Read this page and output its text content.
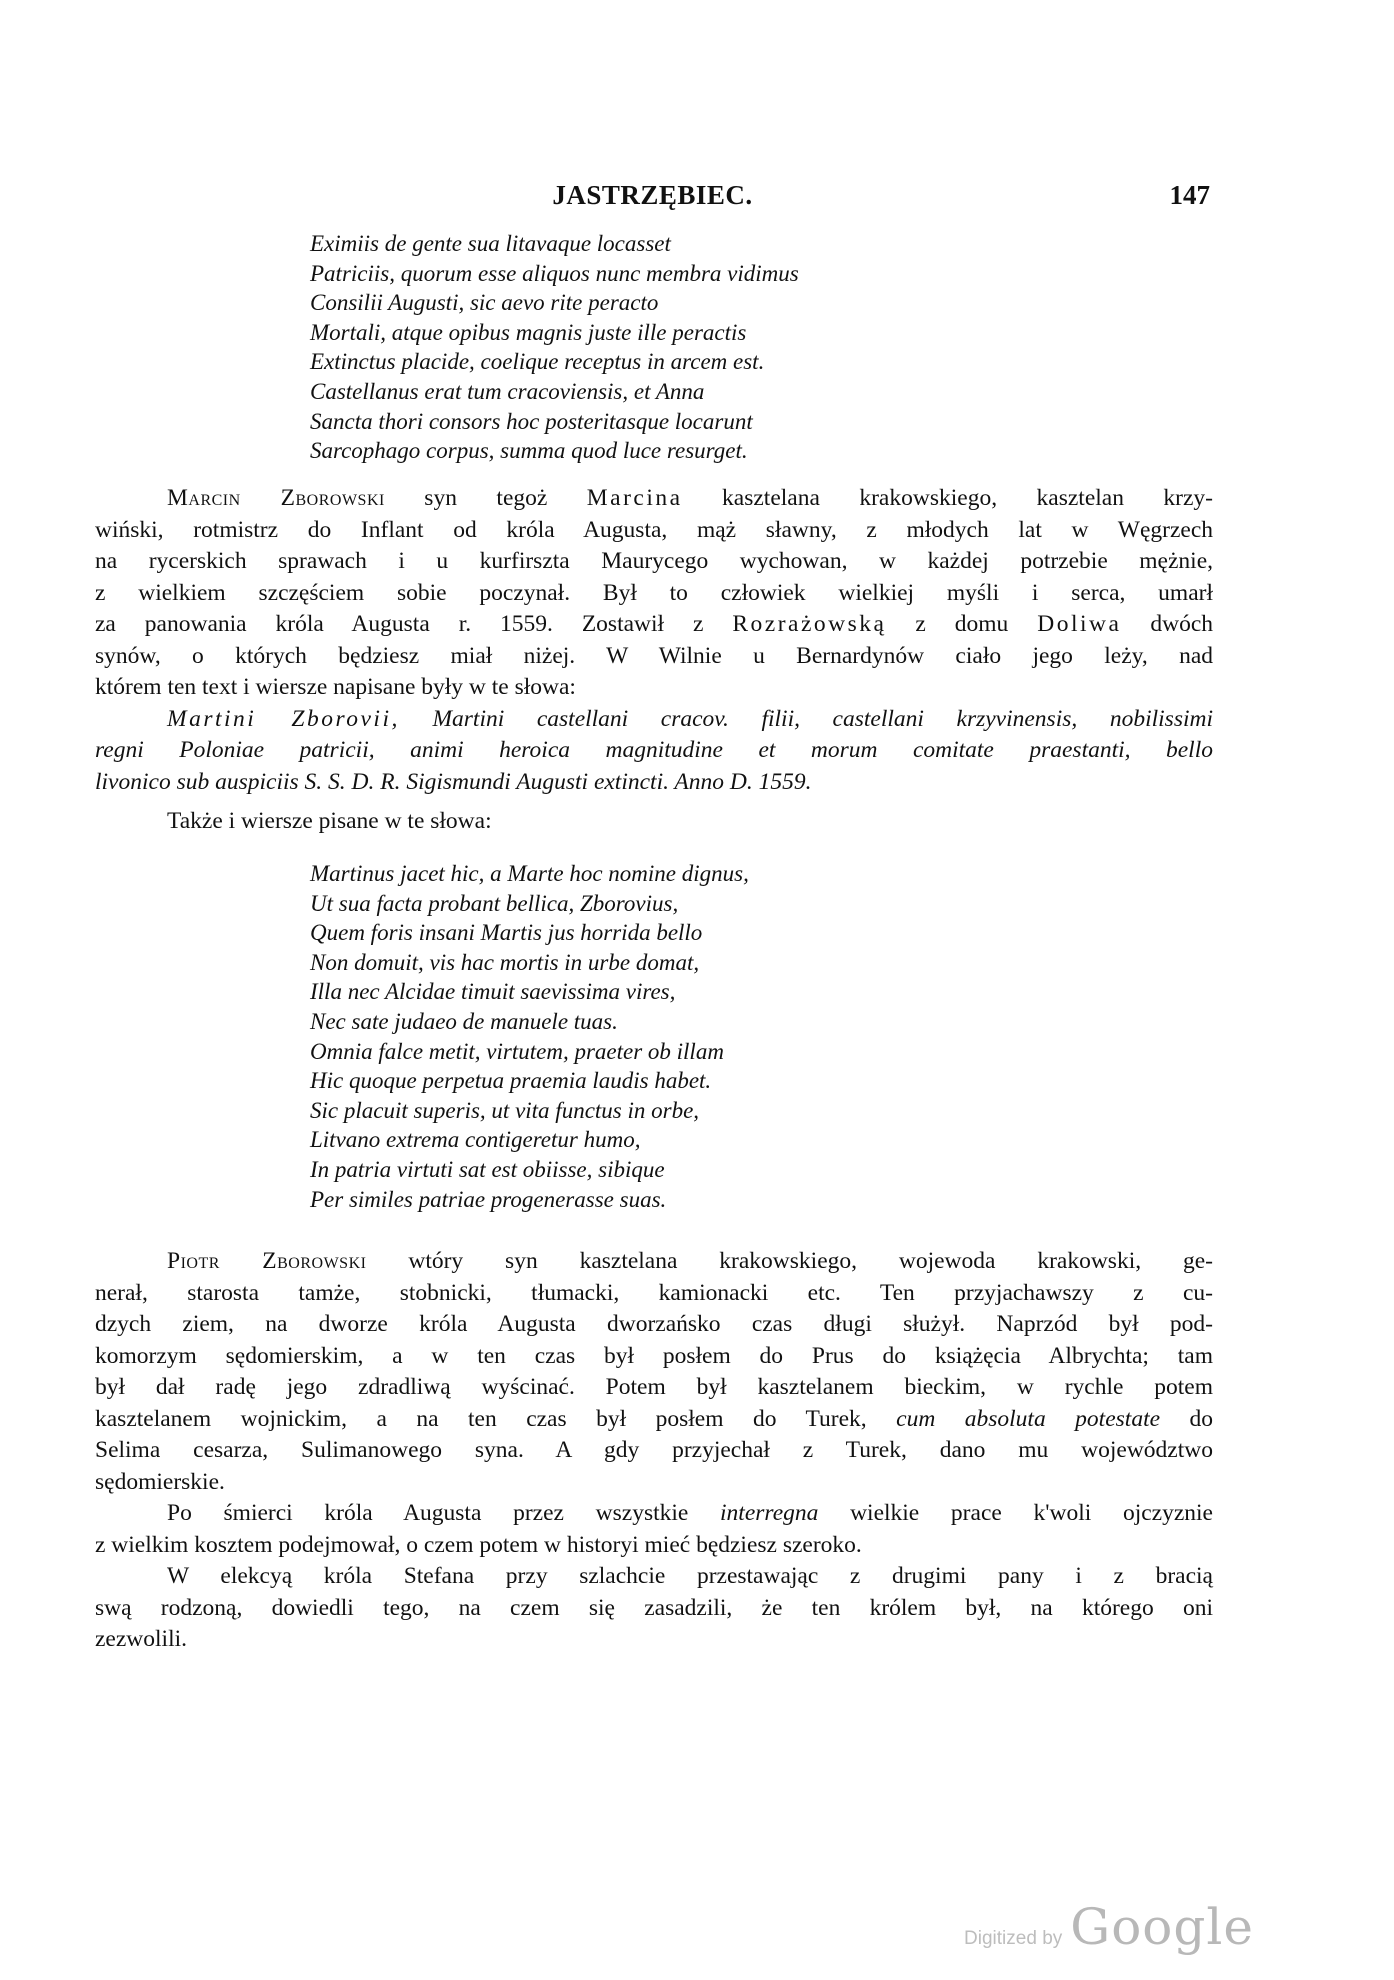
JASTRZĘBIEC.	147
Eximiis de gente sua litavaque locasset
Patriciis, quorum esse aliquos nunc membra vidimus
Consilii Augusti, sic aevo rite peracto
Mortali, atque opibus magnis juste ille peractis
Extinctus placide, coelique receptus in arcem est.
Castellanus erat tum cracoviensis, et Anna
Sancta thori consors hoc posteritasque locarunt
Sarcophago corpus, summa quod luce resurget.
Marcin Zborowski syn tegoż Marcina kasztelana krakowskiego, kasztelan krzy-
wiński, rotmistrz do Inflant od króla Augusta, mąż sławny, z młodych lat w Węgrzech
na rycerskich sprawach i u kurfirszta Maurycego wychowan, w każdej potrzebie mężnie,
z wielkiem szczęściem sobie poczynał. Był to człowiek wielkiej myśli i serca, umarł
za panowania króla Augusta r. 1559. Zostawił z Rozrażowską z domu Doliwa dwóch
synów, o których będziesz miał niżej. W Wilnie u Bernardynów ciało jego leży, nad
którem ten text i wiersze napisane były w te słowa:
Martini Zborovii, Martini castellani cracov. filii, castellani krzyvinensis, nobilissimi
regni Poloniae patricii, animi heroica magnitudine et morum comitate praestanti, bello
livonico sub auspiciis S. S. D. R. Sigismundi Augusti extincti. Anno D. 1559.
Także i wiersze pisane w te słowa:
Martinus jacet hic, a Marte hoc nomine dignus,
Ut sua facta probant bellica, Zborovius,
Quem foris insani Martis jus horrida bello
Non domuit, vis hac mortis in urbe domat,
Illa nec Alcidae timuit saevissima vires,
Nec sate judaeo de manuele tuas.
Omnia falce metit, virtutem, praeter ob illam
Hic quoque perpetua praemia laudis habet.
Sic placuit superis, ut vita functus in orbe,
Litvano extrema contigeretur humo,
In patria virtuti sat est obiisse, sibique
Per similes patriae progenerasse suas.
Piotr Zborowski wtóry syn kasztelana krakowskiego, wojewoda krakowski, ge-
nerał, starosta tamże, stobnicki, tłumacki, kamionacki etc. Ten przyjachawszy z cu-
dzych ziem, na dworze króla Augusta dworzańsko czas długi służył. Naprzód był pod-
komorzym sędomierskim, a w ten czas był posłem do Prus do książęcia Albrychta; tam
był dał radę jego zdradliwą wyścinać. Potem był kasztelanem bieckim, w rychle potem
kasztelanem wojnickim, a na ten czas był posłem do Turek, cum absoluta potestate do
Selima cesarza, Sulimanowego syna. A gdy przyjechał z Turek, dano mu województwo
sędomierskie.
Po śmierci króla Augusta przez wszystkie interregna wielkie prace k'woli ojczyznie
z wielkim kosztem podejmował, o czem potem w historyi mieć będziesz szeroko.
W elekcyą króla Stefana przy szlachcie przestawając z drugimi pany i z bracią
swą rodzoną, dowiedli tego, na czem się zasadzili, że ten królem był, na którego oni
zezwolili.
Digitized by Google
